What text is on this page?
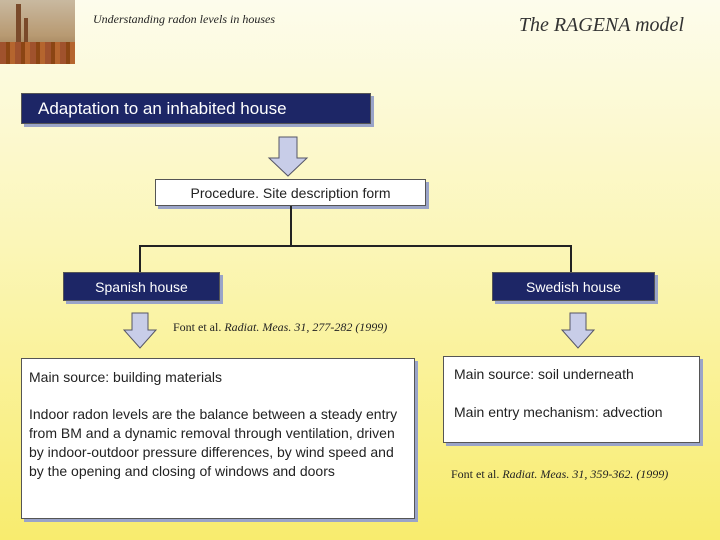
Understanding radon levels in houses	The RAGENA model
Adaptation to an inhabited house
Procedure. Site description form
Spanish house	Swedish house
Font et al. Radiat. Meas. 31, 277-282 (1999)

Main source: building materials

Indoor radon levels are the balance between a steady entry from BM and a dynamic removal through ventilation, driven by indoor-outdoor pressure differences, by wind speed and by the opening and closing of windows and doors

Main source: soil underneath

Main entry mechanism: advection

Font et al. Radiat. Meas. 31, 359-362. (1999)
